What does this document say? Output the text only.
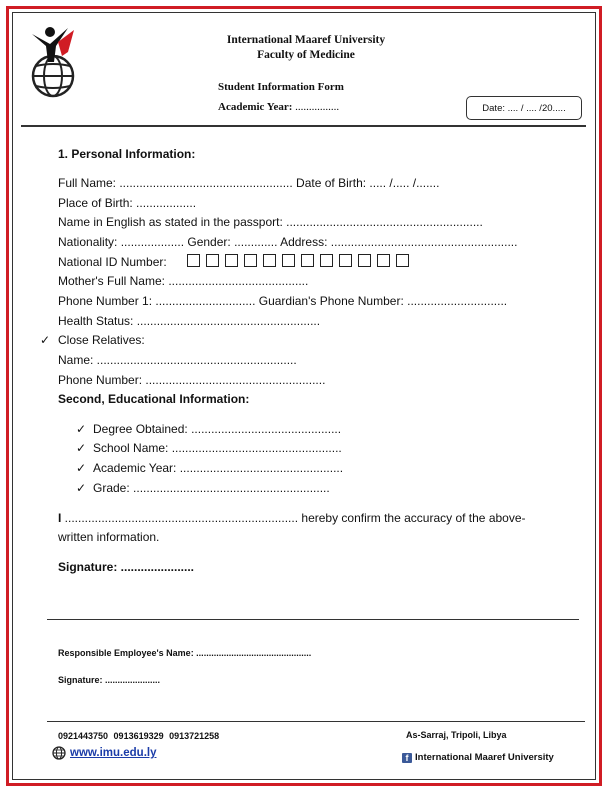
International Maaref University
Faculty of Medicine
Student Information Form
Academic Year: ................	Date: .... / .... /20.....
1. Personal Information:
Full Name: .................................................... Date of Birth: ..... /..... /.......
Place of Birth: ..................
Name in English as stated in the passport: ...........................................................
Nationality: ................... Gender: ............. Address: ........................................................
National ID Number:
Mother's Full Name: ..........................................
Phone Number 1: .............................. Guardian's Phone Number: ..............................
Health Status: .......................................................
✓ Close Relatives:
Name: ............................................................
Phone Number: ......................................................
Second, Educational Information:
✓ Degree Obtained: .............................................
✓ School Name: ...................................................
✓ Academic Year: .................................................
✓ Grade: ...........................................................
I ...................................................................... hereby confirm the accuracy of the above-
written information.
Signature: ......................
Responsible Employee's Name: ..............................................
Signature: ......................
0921443750 0913619329 0913721258	As-Sarraj, Tripoli, Libya
www.imu.edu.ly	f International Maaref University
